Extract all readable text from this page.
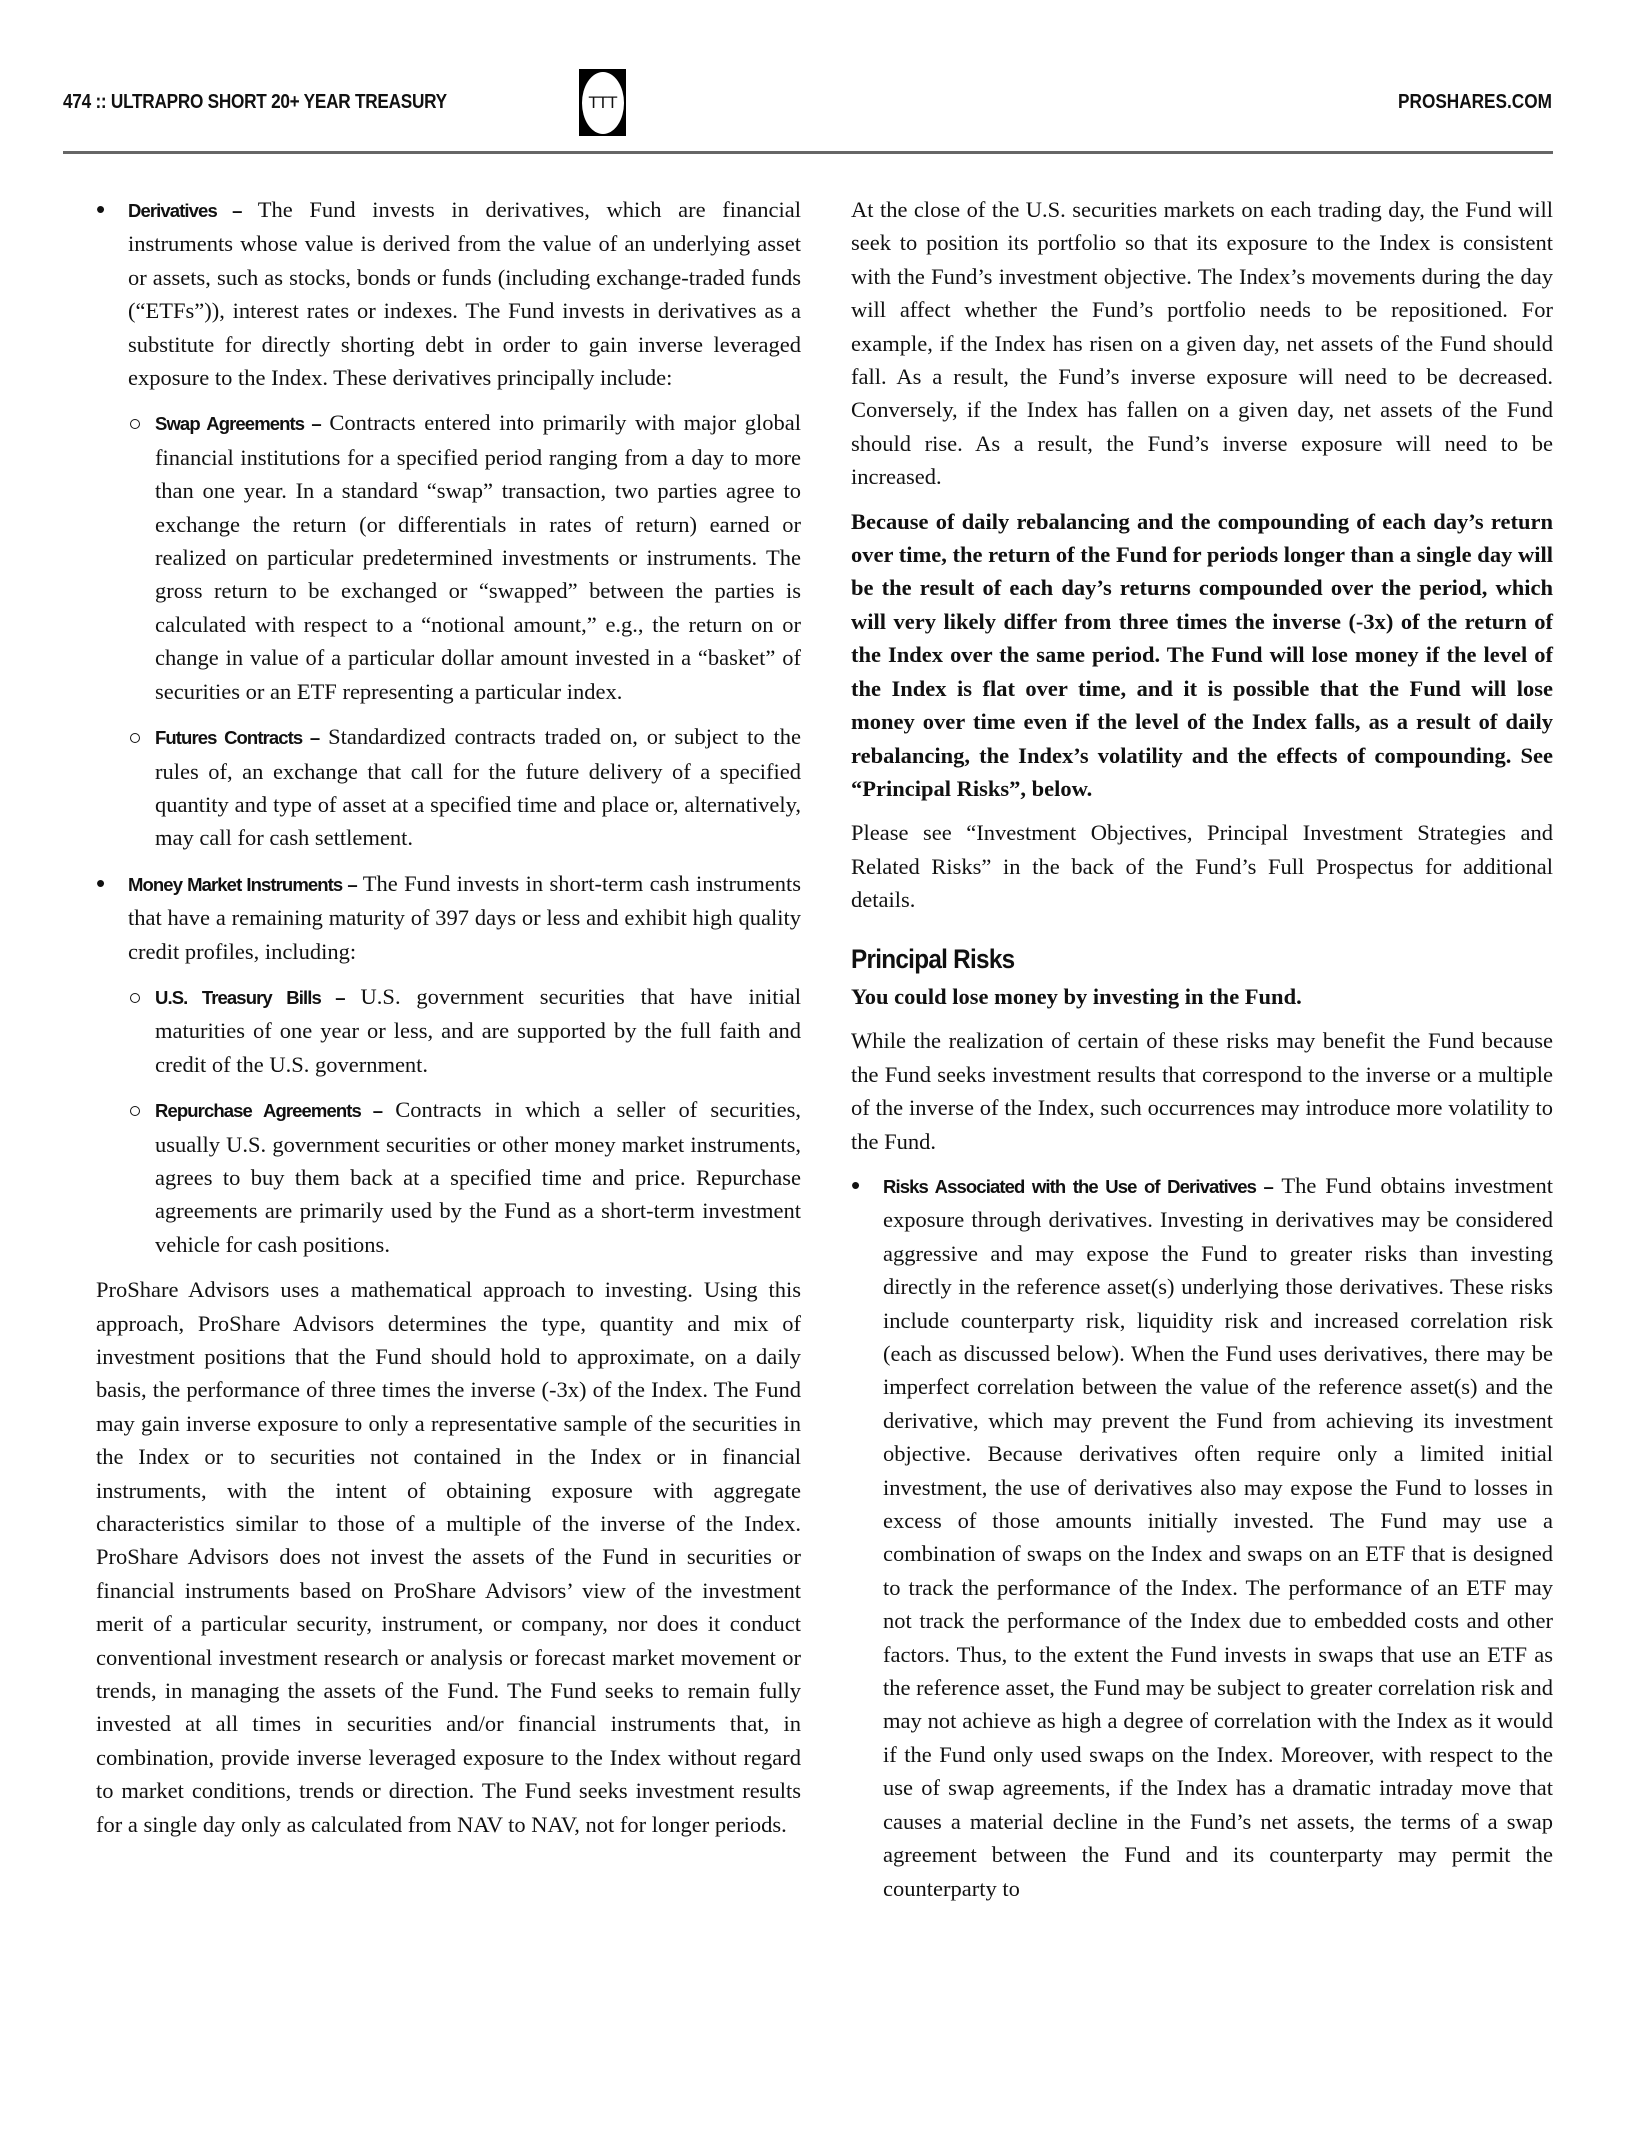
474 :: ULTRAPRO SHORT 20+ YEAR TREASURY	TTT	PROSHARES.COM
• Derivatives – The Fund invests in derivatives, which are financial instruments whose value is derived from the value of an underlying asset or assets, such as stocks, bonds or funds (including exchange-traded funds (“ETFs”)), interest rates or indexes. The Fund invests in derivatives as a substitute for directly shorting debt in order to gain inverse leveraged exposure to the Index. These derivatives principally include:
Swap Agreements – Contracts entered into primarily with major global financial institutions for a specified period ranging from a day to more than one year. In a standard “swap” transaction, two parties agree to exchange the return (or differentials in rates of return) earned or realized on particular predetermined investments or instruments. The gross return to be exchanged or “swapped” between the parties is calculated with respect to a “notional amount,” e.g., the return on or change in value of a particular dollar amount invested in a “basket” of securities or an ETF representing a particular index.
Futures Contracts – Standardized contracts traded on, or subject to the rules of, an exchange that call for the future delivery of a specified quantity and type of asset at a specified time and place or, alternatively, may call for cash settlement.
• Money Market Instruments – The Fund invests in short-term cash instruments that have a remaining maturity of 397 days or less and exhibit high quality credit profiles, including:
U.S. Treasury Bills – U.S. government securities that have initial maturities of one year or less, and are supported by the full faith and credit of the U.S. government.
Repurchase Agreements – Contracts in which a seller of securities, usually U.S. government securities or other money market instruments, agrees to buy them back at a specified time and price. Repurchase agreements are primarily used by the Fund as a short-term investment vehicle for cash positions.

ProShare Advisors uses a mathematical approach to investing. Using this approach, ProShare Advisors determines the type, quantity and mix of investment positions that the Fund should hold to approximate, on a daily basis, the performance of three times the inverse (-3x) of the Index. The Fund may gain inverse exposure to only a representative sample of the securities in the Index or to securities not contained in the Index or in financial instruments, with the intent of obtaining exposure with aggregate characteristics similar to those of a multiple of the inverse of the Index. ProShare Advisors does not invest the assets of the Fund in securities or financial instruments based on ProShare Advisors’ view of the investment merit of a particular security, instrument, or company, nor does it conduct conventional investment research or analysis or forecast market movement or trends, in managing the assets of the Fund. The Fund seeks to remain fully invested at all times in securities and/or financial instruments that, in combination, provide inverse leveraged exposure to the Index without regard to market conditions, trends or direction. The Fund seeks investment results for a single day only as calculated from NAV to NAV, not for longer periods.

At the close of the U.S. securities markets on each trading day, the Fund will seek to position its portfolio so that its exposure to the Index is consistent with the Fund’s investment objective. The Index’s movements during the day will affect whether the Fund’s portfolio needs to be repositioned. For example, if the Index has risen on a given day, net assets of the Fund should fall. As a result, the Fund’s inverse exposure will need to be decreased. Conversely, if the Index has fallen on a given day, net assets of the Fund should rise. As a result, the Fund’s inverse exposure will need to be increased.

Because of daily rebalancing and the compounding of each day’s return over time, the return of the Fund for periods longer than a single day will be the result of each day’s returns compounded over the period, which will very likely differ from three times the inverse (-3x) of the return of the Index over the same period. The Fund will lose money if the level of the Index is flat over time, and it is possible that the Fund will lose money over time even if the level of the Index falls, as a result of daily rebalancing, the Index’s volatility and the effects of compounding. See “Principal Risks”, below.

Please see “Investment Objectives, Principal Investment Strategies and Related Risks” in the back of the Fund’s Full Prospectus for additional details.

Principal Risks

You could lose money by investing in the Fund.

While the realization of certain of these risks may benefit the Fund because the Fund seeks investment results that correspond to the inverse or a multiple of the inverse of the Index, such occurrences may introduce more volatility to the Fund.

• Risks Associated with the Use of Derivatives – The Fund obtains investment exposure through derivatives. Investing in derivatives may be considered aggressive and may expose the Fund to greater risks than investing directly in the reference asset(s) underlying those derivatives. These risks include counterparty risk, liquidity risk and increased correlation risk (each as discussed below). When the Fund uses derivatives, there may be imperfect correlation between the value of the reference asset(s) and the derivative, which may prevent the Fund from achieving its investment objective. Because derivatives often require only a limited initial investment, the use of derivatives also may expose the Fund to losses in excess of those amounts initially invested. The Fund may use a combination of swaps on the Index and swaps on an ETF that is designed to track the performance of the Index. The performance of an ETF may not track the performance of the Index due to embedded costs and other factors. Thus, to the extent the Fund invests in swaps that use an ETF as the reference asset, the Fund may be subject to greater correlation risk and may not achieve as high a degree of correlation with the Index as it would if the Fund only used swaps on the Index. Moreover, with respect to the use of swap agreements, if the Index has a dramatic intraday move that causes a material decline in the Fund’s net assets, the terms of a swap agreement between the Fund and its counterparty may permit the counterparty to
